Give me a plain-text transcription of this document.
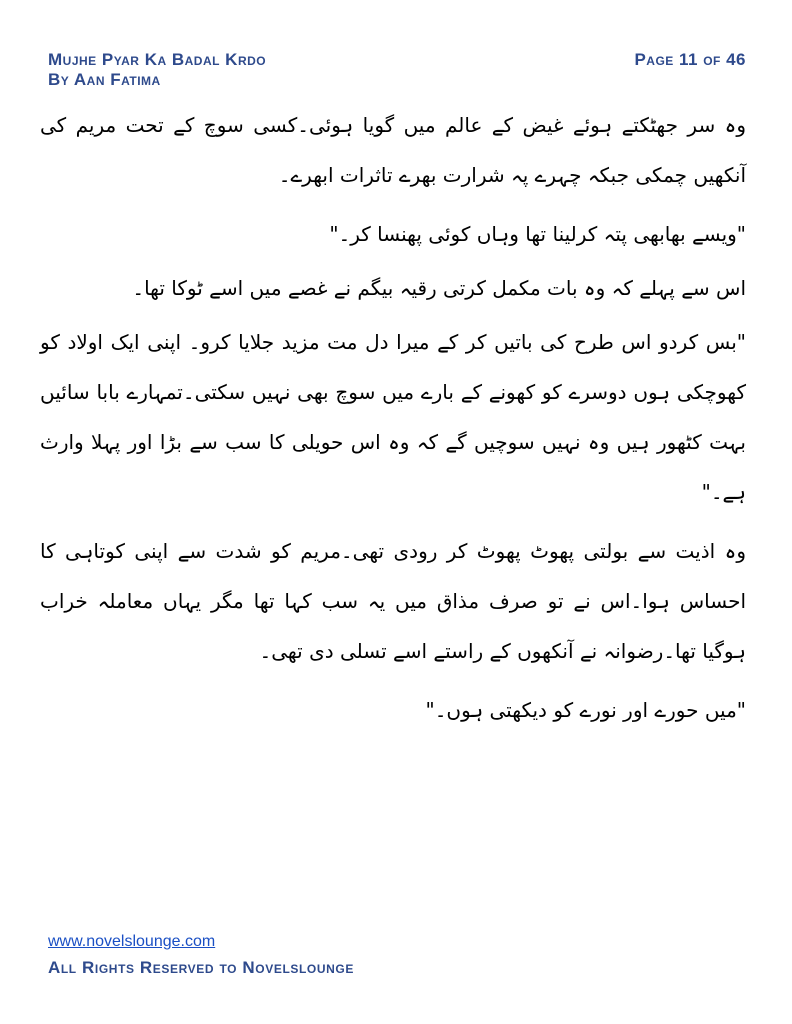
Mujhe Pyar Ka Badal Krdo
By Aan Fatima
Page 11 of 46

وہ سر جھٹکتے ہوئے غیض کے عالم میں گویا ہوئی۔کسی سوچ کے تحت مریم کی آنکھیں چمکی جبکہ چہرے پہ شرارت بھرے تاثرات ابھرے۔

"ویسے بھابھی پتہ کرلینا تھا وہاں کوئی پھنسا کر۔"

اس سے پہلے کہ وہ بات مکمل کرتی رقیہ بیگم نے غصے میں اسے ٹوکا تھا۔

"بس کردو اس طرح کی باتیں کر کے میرا دل مت مزید جلایا کرو۔ اپنی ایک اولاد کو کھوچکی ہوں دوسرے کو کھونے کے بارے میں سوچ بھی نہیں سکتی۔تمہارے بابا سائیں بہت کٹھور ہیں وہ نہیں سوچیں گے کہ وہ اس حویلی کا سب سے بڑا اور پہلا وارث ہے۔"

وہ اذیت سے بولتی پھوٹ پھوٹ کر رودی تھی۔مریم کو شدت سے اپنی کوتاہی کا احساس ہوا۔اس نے تو صرف مذاق میں یہ سب کہا تھا مگر یہاں معاملہ خراب ہوگیا تھا۔رضوانہ نے آنکھوں کے راستے اسے تسلی دی تھی۔

"میں حورے اور نورے کو دیکھتی ہوں۔"

www.novelslounge.com
All Rights Reserved to Novelslounge
